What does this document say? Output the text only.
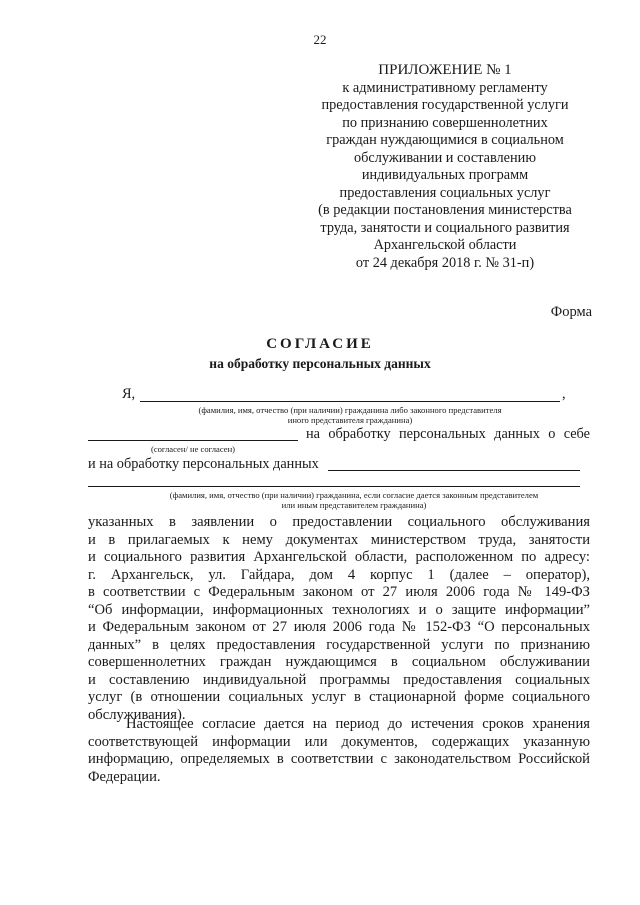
22
ПРИЛОЖЕНИЕ № 1
к административному регламенту
предоставления государственной услуги
по признанию совершеннолетних
граждан нуждающимися в социальном
обслуживании и составлению
индивидуальных программ
предоставления социальных услуг
(в редакции постановления министерства
труда, занятости и социального развития
Архангельской области
от 24 декабря 2018 г. № 31-п)
Форма
СОГЛАСИЕ
на обработку персональных данных
Я,	,
(фамилия, имя, отчество (при наличии) гражданина либо законного представителя
иного представителя гражданина)
на обработку персональных данных о себе
(согласен/ не согласен)
и на обработку персональных данных
(фамилия, имя, отчество (при наличии) гражданина, если согласие дается законным представителем
или иным представителем гражданина)
указанных в заявлении о предоставлении социального обслуживания
и в прилагаемых к нему документах министерством труда, занятости
и социального развития Архангельской области, расположенном по адресу:
г. Архангельск, ул. Гайдара, дом 4 корпус 1 (далее – оператор),
в соответствии с Федеральным законом от 27 июля 2006 года № 149-ФЗ
“Об информации, информационных технологиях и о защите информации”
и Федеральным законом от 27 июля 2006 года № 152-ФЗ “О персональных
данных” в целях предоставления государственной услуги по признанию
совершеннолетних граждан нуждающимся в социальном обслуживании
и составлению индивидуальной программы предоставления социальных
услуг (в отношении социальных услуг в стационарной форме социального
обслуживания).
Настоящее согласие дается на период до истечения сроков хранения
соответствующей информации или документов, содержащих указанную
информацию, определяемых в соответствии с законодательством Российской
Федерации.
